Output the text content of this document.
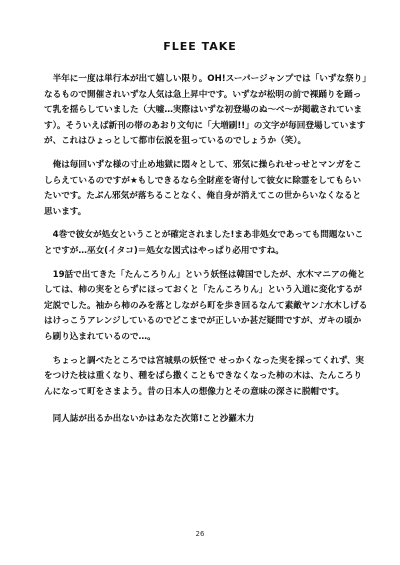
FLEE TAKE

半年に一度は単行本が出て嬉しい限り。OH!スーパージャンプでは「いずな祭り」なるもので開催されいずな人気は急上昇中です。いずなが松明の前で裸踊りを踊って乳を揺らしていました（大嘘…実際はいずな初登場のぬ～べ～が掲載されています）。そういえば新刊の帯のあおり文句に「大増刷!!」の文字が毎回登場していますが、これはひょっとして都市伝説を狙っているのでしょうか（笑）。

俺は毎回いずな様の寸止め地獄に悶々として、邪気に操られせっせとマンガをこしらえているのですが★もしできるなら全財産を寄付して彼女に除霊をしてもらいたいです。たぶん邪気が落ちることなく、俺自身が消えてこの世からいなくなると思います。

4巻で彼女が処女ということが確定されました!まあ非処女であっても問題ないことですが…巫女(イタコ)＝処女な図式はやっぱり必用ですね。

19話で出てきた「たんころりん」という妖怪は韓国でしたが、水木マニアの俺としては、柿の実をとらずにほっておくと「たんころりん」という入道に変化するが定説でした。袖から柿のみを落としながら町を歩き回るなんて素敵ヤン♪水木しげるはけっこうアレンジしているのでどこまでが正しいか甚だ疑問ですが、ガキの頃から刷り込まれているので…。

ちょっと調べたところでは宮城県の妖怪で せっかくなった実を採ってくれず、実をつけた枝は重くなり、種をばら撒くこともできなくなった柿の木は、たんころりんになって町をさまよう。昔の日本人の想像力とその意味の深さに脱帽です。

同人誌が出るか出ないかはあなた次第!こと沙羅木力

26
